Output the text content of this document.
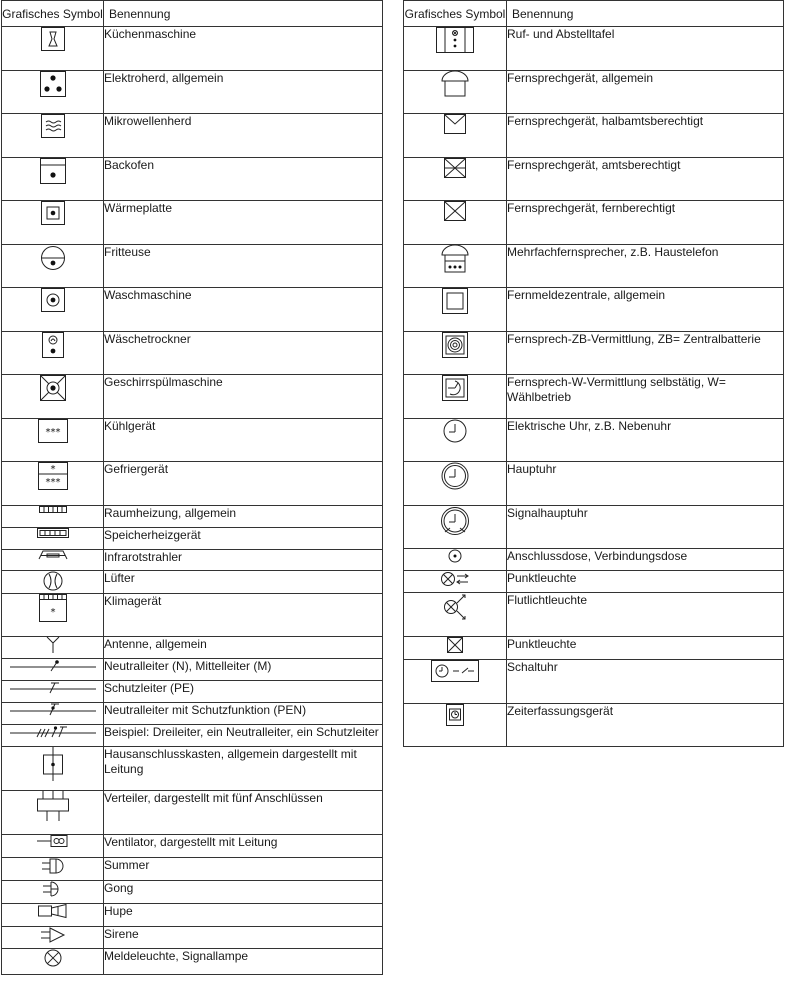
Grafisches Symbol	Benennung

	Küchenmaschine

	Elektroherd, allgemein

	Mikrowellenherd

	Backofen

	Wärmeplatte

	Fritteuse

	Waschmaschine

	Wäschetrockner

	Geschirrspülmaschine

***	Kühlgerät

*
***	Gefriergerät

	Raumheizung, allgemein

	Speicherheizgerät

	Infrarotstrahler

	Lüfter

*	Klimagerät

	Antenne, allgemein

	Neutralleiter (N), Mittelleiter (M)

	Schutzleiter (PE)

	Neutralleiter mit Schutzfunktion (PEN)

	Beispiel: Dreileiter, ein Neutralleiter, ein Schutzleiter

	Hausanschlusskasten, allgemein dargestellt mit Leitung

	Verteiler, dargestellt mit fünf Anschlüssen

	Ventilator, dargestellt mit Leitung

	Summer

	Gong

	Hupe

	Sirene

	Meldeleuchte, Signallampe
Grafisches Symbol	Benennung

	Ruf- und Abstelltafel

	Fernsprechgerät, allgemein

	Fernsprechgerät, halbamtsberechtigt

	Fernsprechgerät, amtsberechtigt

	Fernsprechgerät, fernberechtigt

	Mehrfachfernsprecher, z.B. Haustelefon

	Fernmeldezentrale, allgemein

	Fernsprech-ZB-Vermittlung, ZB= Zentralbatterie

	Fernsprech-W-Vermittlung selbstätig, W= Wählbetrieb

	Elektrische Uhr, z.B. Nebenuhr

	Hauptuhr

	Signalhauptuhr

	Anschlussdose, Verbindungsdose

	Punktleuchte

	Flutlichtleuchte

	Punktleuchte

	Schaltuhr

	Zeiterfassungsgerät
